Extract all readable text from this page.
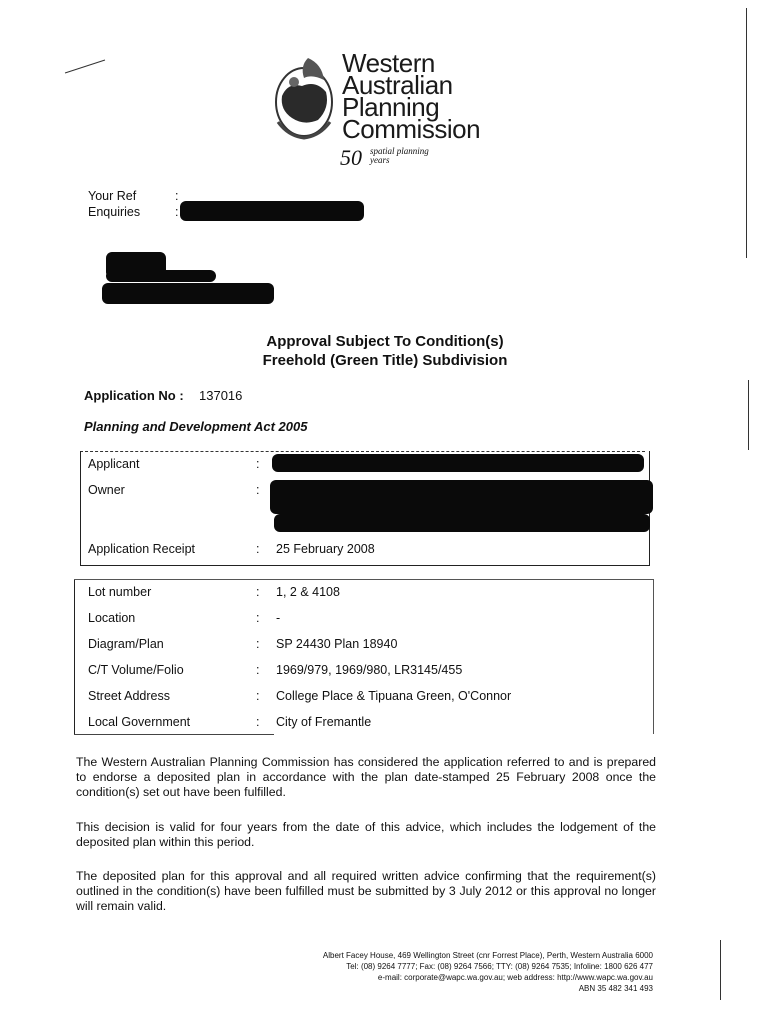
Western
Australian
Planning
Commission
50 spatial planning
years
Your Ref	:
Enquiries	:
Approval Subject To Condition(s)
Freehold (Green Title) Subdivision
Application No : 137016
Planning and Development Act 2005
Applicant	:
Owner	:
Application Receipt	: 25 February 2008
Lot number	: 1, 2 & 4108
Location	: -
Diagram/Plan	: SP 24430 Plan 18940
C/T Volume/Folio	: 1969/979, 1969/980, LR3145/455
Street Address	: College Place & Tipuana Green, O'Connor
Local Government	: City of Fremantle
The Western Australian Planning Commission has considered the application referred to and is prepared to endorse a deposited plan in accordance with the plan date-stamped 25 February 2008 once the condition(s) set out have been fulfilled.
This decision is valid for four years from the date of this advice, which includes the lodgement of the deposited plan within this period.
The deposited plan for this approval and all required written advice confirming that the requirement(s) outlined in the condition(s) have been fulfilled must be submitted by 3 July 2012 or this approval no longer will remain valid.
Albert Facey House, 469 Wellington Street (cnr Forrest Place), Perth, Western Australia 6000
Tel: (08) 9264 7777; Fax: (08) 9264 7566; TTY: (08) 9264 7535; Infoline: 1800 626 477
e-mail: corporate@wapc.wa.gov.au; web address: http://www.wapc.wa.gov.au
ABN 35 482 341 493
